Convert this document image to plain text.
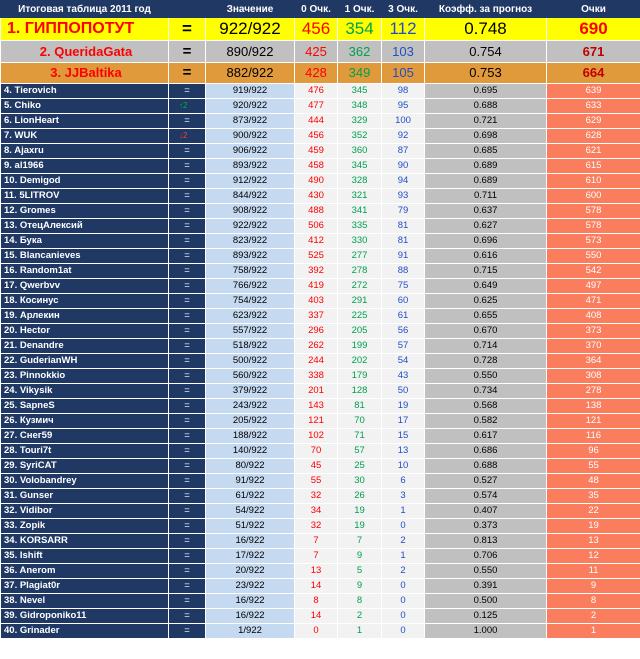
Итоговая таблица 2011 год		Значение	0 Очк.	1 Очк.	3 Очк.	Коэфф. за прогноз	Очки
1. ГИППОПОТУТ	=	922/922	456	354	112	0.748	690
2. QueridaGata	=	890/922	425	362	103	0.754	671
3. JJBaltika	=	882/922	428	349	105	0.753	664
4. Tierovich	=	919/922	476	345	98	0.695	639
5. Chiko	↑2	920/922	477	348	95	0.688	633
6. LionHeart	=	873/922	444	329	100	0.721	629
7. WUK	↓2	900/922	456	352	92	0.698	628
8. Ajaxru	=	906/922	459	360	87	0.685	621
9. al1966	=	893/922	458	345	90	0.689	615
10. Demigod	=	912/922	490	328	94	0.689	610
11. 5LITROV	=	844/922	430	321	93	0.711	600
12. Gromes	=	908/922	488	341	79	0.637	578
13. ОтецАлексий	=	922/922	506	335	81	0.627	578
14. Бука	=	823/922	412	330	81	0.696	573
15. Blancanieves	=	893/922	525	277	91	0.616	550
16. Random1at	=	758/922	392	278	88	0.715	542
17. Qwerbvv	=	766/922	419	272	75	0.649	497
18. Косинус	=	754/922	403	291	60	0.625	471
19. Арлекин	=	623/922	337	225	61	0.655	408
20. Hector	=	557/922	296	205	56	0.670	373
21. Denandre	=	518/922	262	199	57	0.714	370
22. GuderianWH	=	500/922	244	202	54	0.728	364
23. Pinnokkio	=	560/922	338	179	43	0.550	308
24. Vikysik	=	379/922	201	128	50	0.734	278
25. SapneS	=	243/922	143	81	19	0.568	138
26. Кузмич	=	205/922	121	70	17	0.582	121
27. Снег59	=	188/922	102	71	15	0.617	116
28. Touri7t	=	140/922	70	57	13	0.686	96
29. SyriCAT	=	80/922	45	25	10	0.688	55
30. Volobandrey	=	91/922	55	30	6	0.527	48
31. Gunser	=	61/922	32	26	3	0.574	35
32. Vidibor	=	54/922	34	19	1	0.407	22
33. Zopik	=	51/922	32	19	0	0.373	19
34. KORSARR	=	16/922	7	7	2	0.813	13
35. Ishift	=	17/922	7	9	1	0.706	12
36. Anerom	=	20/922	13	5	2	0.550	11
37. Plagiat0r	=	23/922	14	9	0	0.391	9
38. Nevel	=	16/922	8	8	0	0.500	8
39. Gidroponiko11	=	16/922	14	2	0	0.125	2
40. Grinader	=	1/922	0	1	0	1.000	1
